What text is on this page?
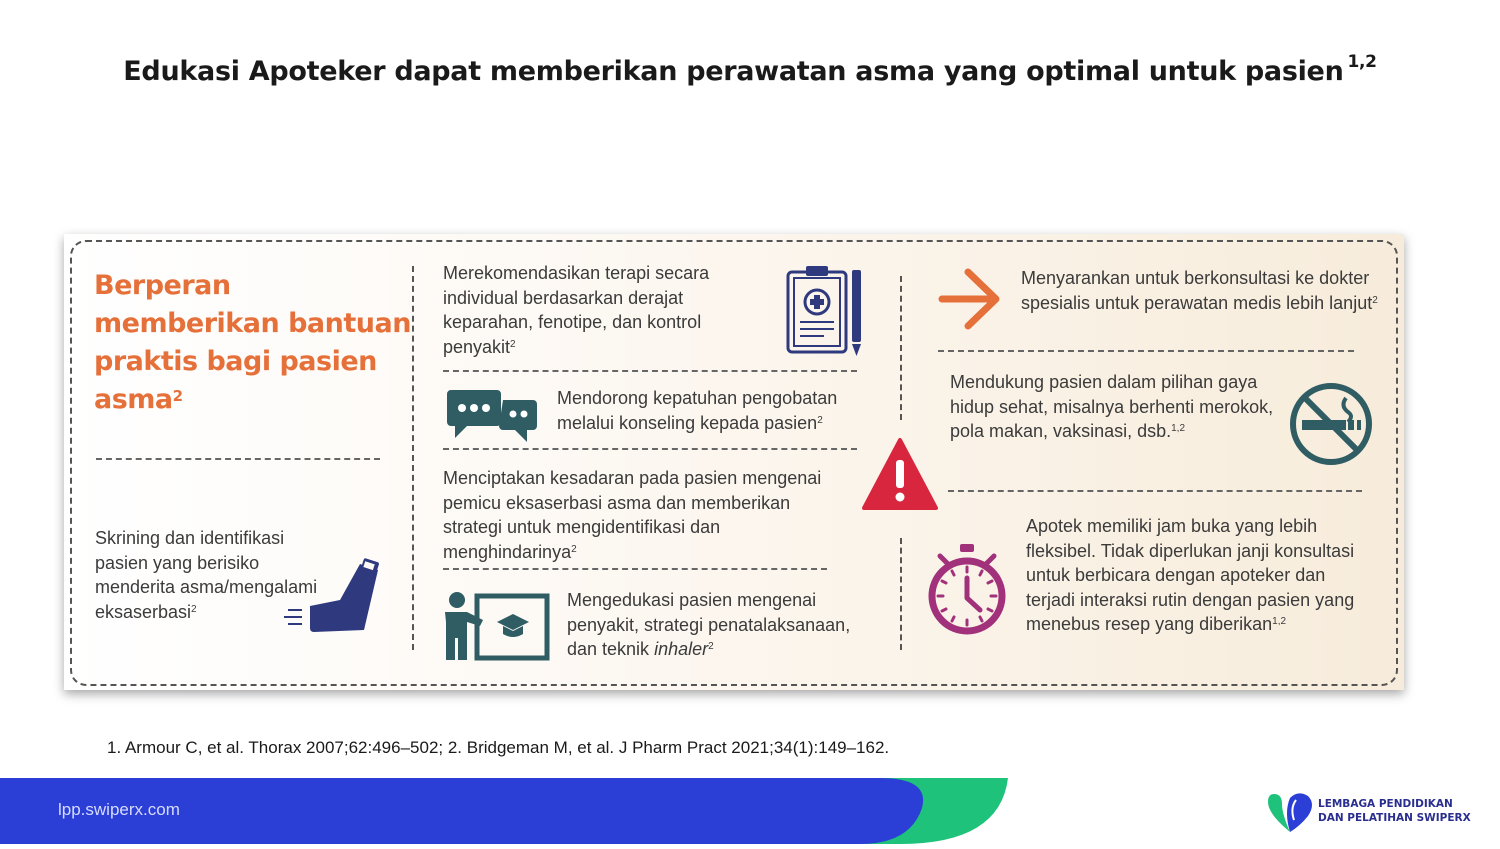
Edukasi Apoteker dapat memberikan perawatan asma yang optimal untuk pasien $^{1,2}$
Berperan memberikan bantuan praktis bagi pasien asma$^2$
Skrining dan identifikasi pasien yang berisiko menderita asma/mengalami eksaserbasi$^2$
Merekomendasikan terapi secara individual berdasarkan derajat keparahan, fenotipe, dan kontrol penyakit$^2$
Mendorong kepatuhan pengobatan melalui konseling kepada pasien$^2$
Menciptakan kesadaran pada pasien mengenai pemicu eksaserbasi asma dan memberikan strategi untuk mengidentifikasi dan menghindarinya$^2$
Mengedukasi pasien mengenai penyakit, strategi penatalaksanaan, dan teknik inhaler$^2$
Menyarankan untuk berkonsultasi ke dokter spesialis untuk perawatan medis lebih lanjut$^2$
Mendukung pasien dalam pilihan gaya hidup sehat, misalnya berhenti merokok, pola makan, vaksinasi, dsb.$^{1,2}$
Apotek memiliki jam buka yang lebih fleksibel. Tidak diperlukan janji konsultasi untuk berbicara dengan apoteker dan terjadi interaksi rutin dengan pasien yang menebus resep yang diberikan$^{1,2}$
1. Armour C, et al. Thorax 2007;62:496–502; 2. Bridgeman M, et al. J Pharm Pract 2021;34(1):149–162.
lpp.swiperx.com	LEMBAGA PENDIDIKAN
DAN PELATIHAN SWIPERX
